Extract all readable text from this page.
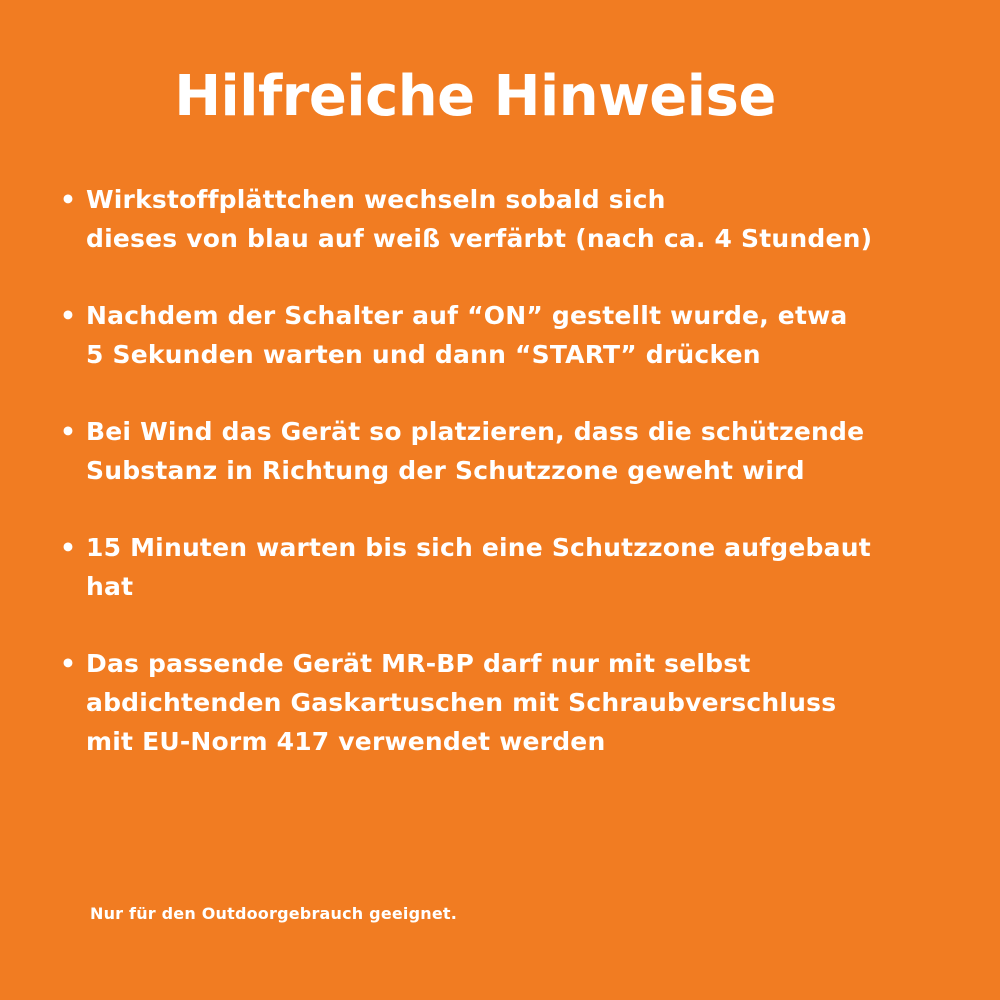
Hilfreiche Hinweise
• Wirkstoffplättchen wechseln sobald sich
dieses von blau auf weiß verfärbt (nach ca. 4 Stunden)
• Nachdem der Schalter auf “ON” gestellt wurde, etwa
5 Sekunden warten und dann “START” drücken
• Bei Wind das Gerät so platzieren, dass die schützende
Substanz in Richtung der Schutzzone geweht wird
• 15 Minuten warten bis sich eine Schutzzone aufgebaut
hat
• Das passende Gerät MR-BP darf nur mit selbst
abdichtenden Gaskartuschen mit Schraubverschluss
mit EU-Norm 417 verwendet werden
Nur für den Outdoorgebrauch geeignet.
